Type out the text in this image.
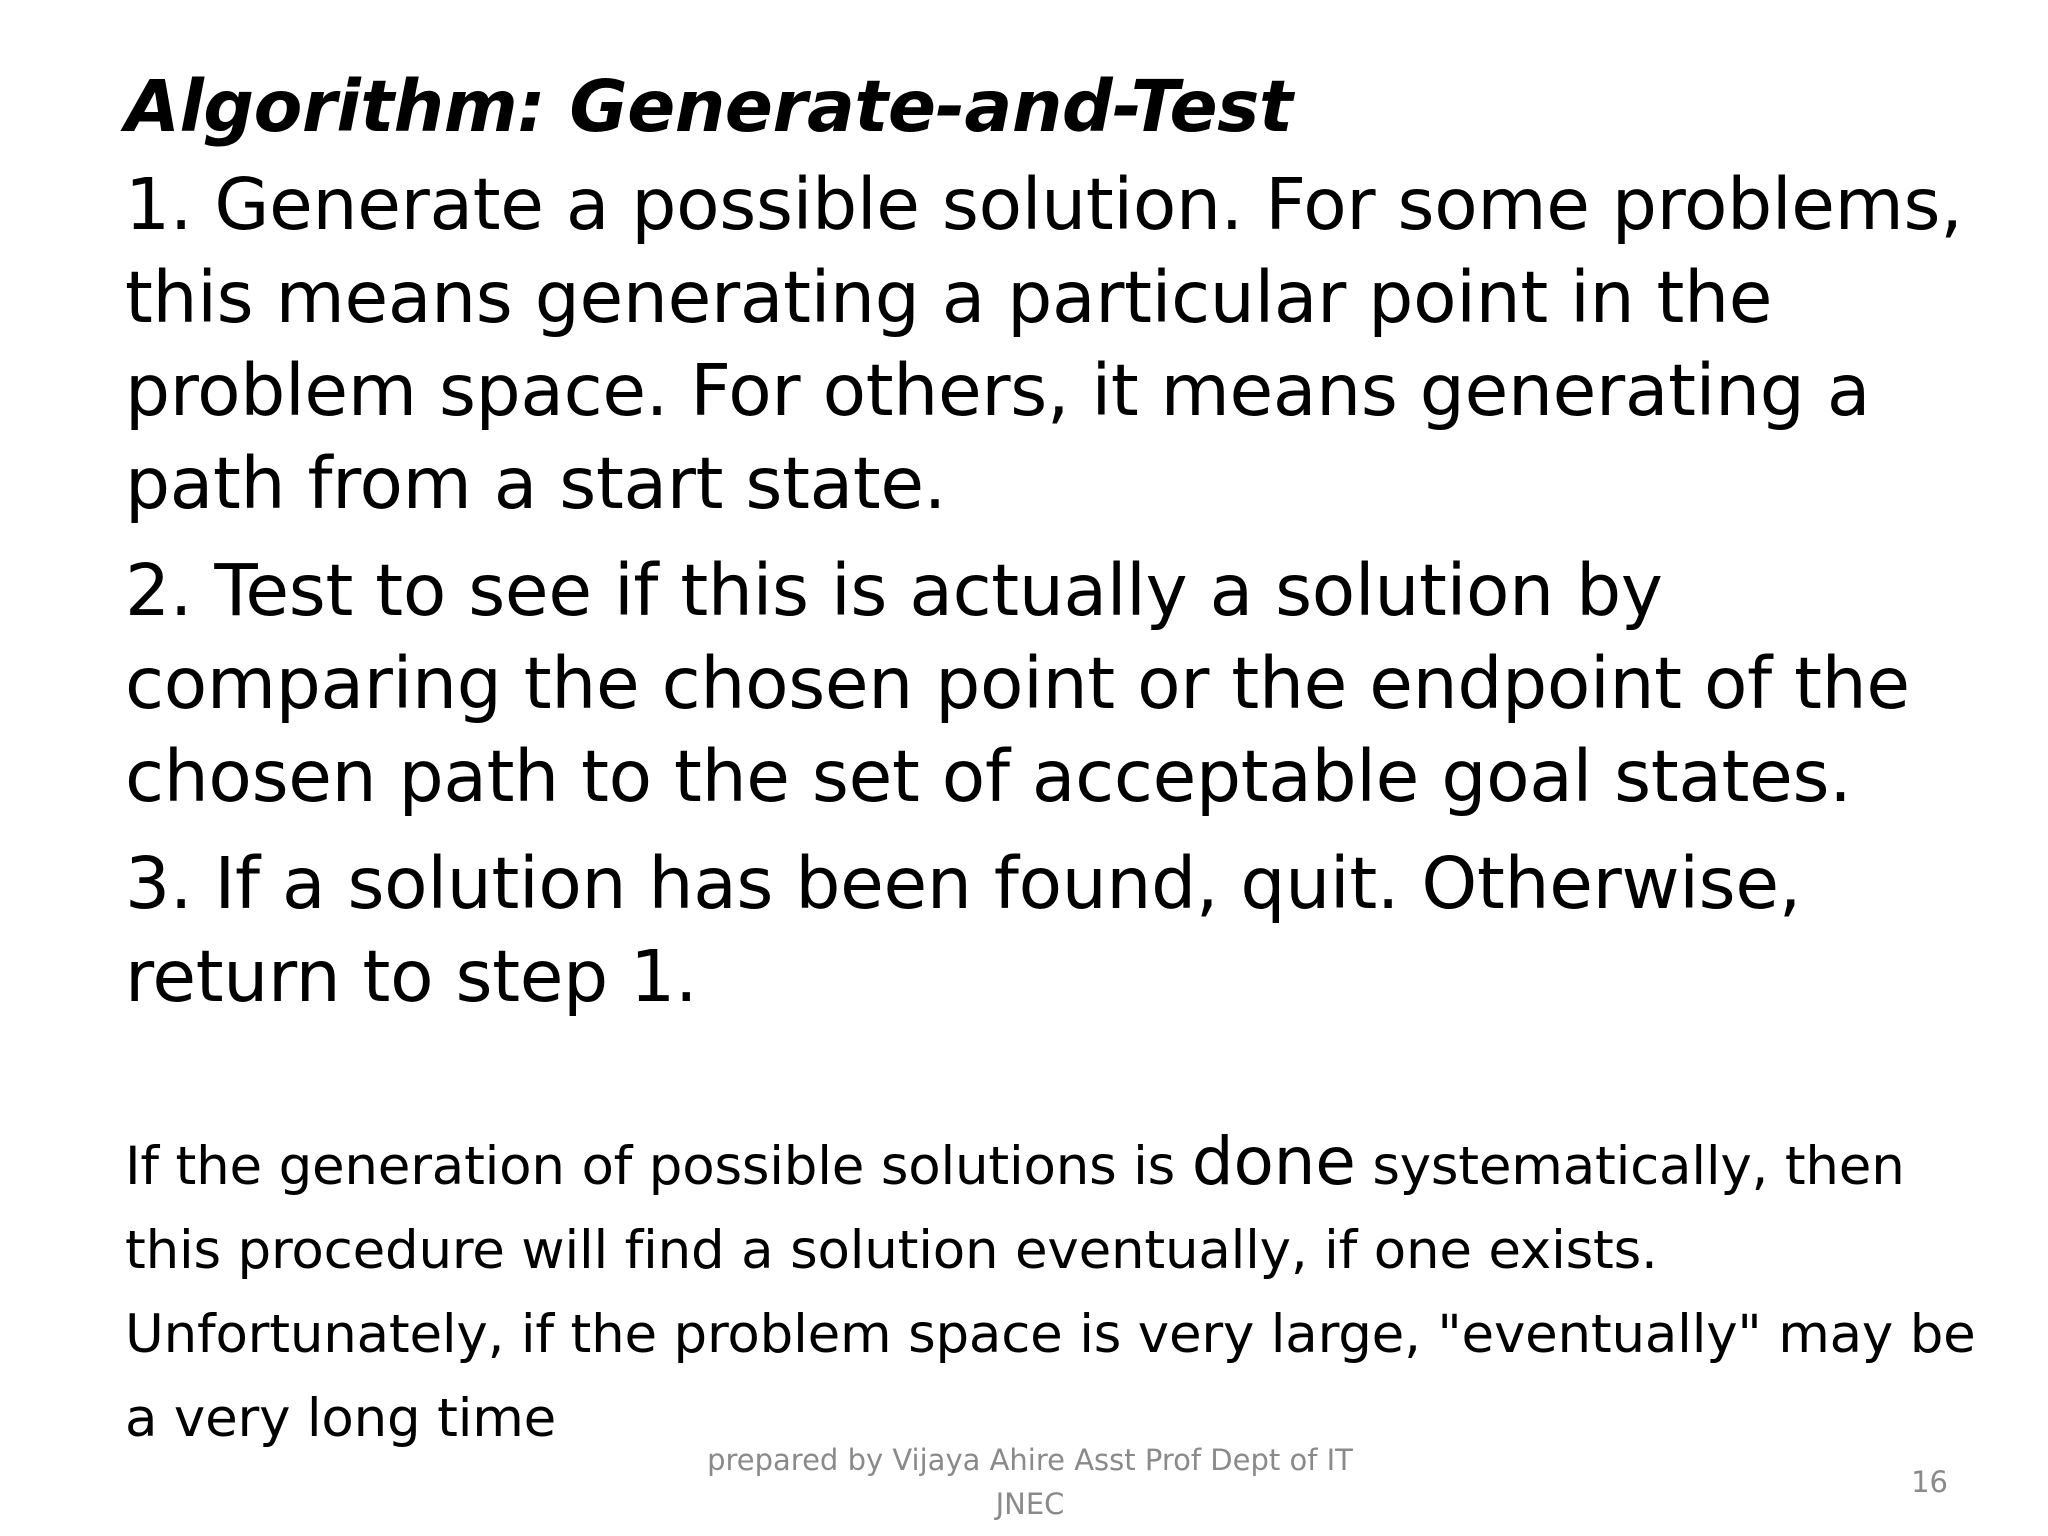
Algorithm: Generate-and-Test
1. Generate a possible solution. For some problems, this means generating a particular point in the problem space. For others, it means generating a path from a start state.
2. Test to see if this is actually a solution by comparing the chosen point or the endpoint of the chosen path to the set of acceptable goal states.
3. If a solution has been found, quit. Otherwise, return to step 1.
If the generation of possible solutions is done systematically, then this procedure will find a solution eventually, if one exists. Unfortunately, if the problem space is very large, "eventually" may be a very long time
prepared by Vijaya Ahire Asst Prof Dept of IT JNEC
16
